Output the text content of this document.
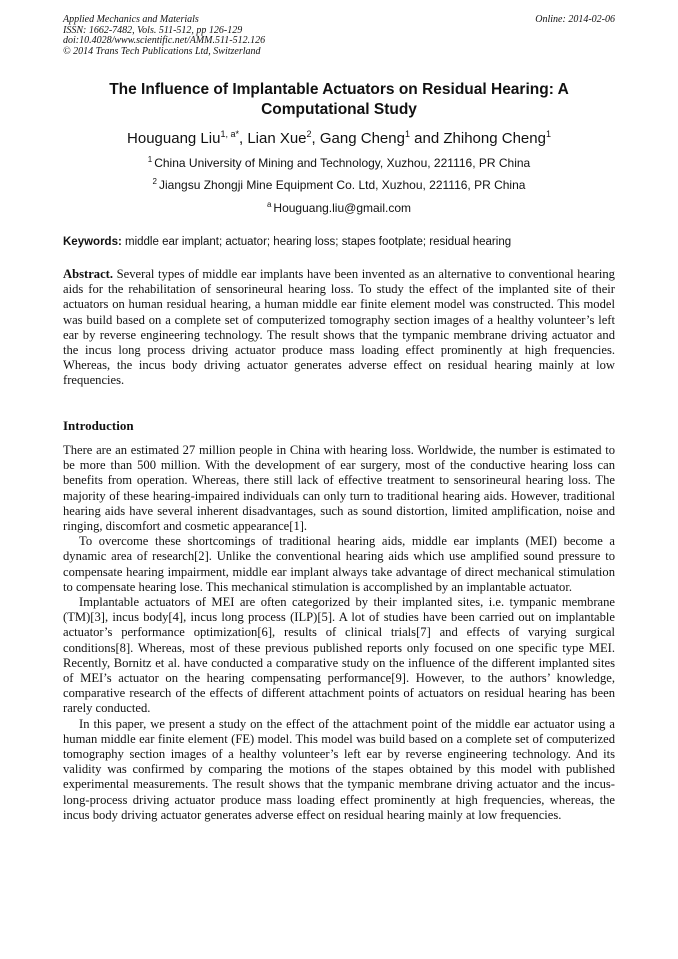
Applied Mechanics and Materials
ISSN: 1662-7482, Vols. 511-512, pp 126-129
doi:10.4028/www.scientific.net/AMM.511-512.126
© 2014 Trans Tech Publications Ltd, Switzerland
Online: 2014-02-06
The Influence of Implantable Actuators on Residual Hearing: A Computational Study
Houguang Liu$^{1, a*}$, Lian Xue$^2$, Gang Cheng$^1$ and Zhihong Cheng$^1$
$^1$ China University of Mining and Technology, Xuzhou, 221116, PR China
$^2$ Jiangsu Zhongji Mine Equipment Co. Ltd, Xuzhou, 221116, PR China
$^a$ Houguang.liu@gmail.com
Keywords: middle ear implant; actuator; hearing loss; stapes footplate; residual hearing
Abstract. Several types of middle ear implants have been invented as an alternative to conventional hearing aids for the rehabilitation of sensorineural hearing loss. To study the effect of the implanted site of their actuators on human residual hearing, a human middle ear finite element model was constructed. This model was build based on a complete set of computerized tomography section images of a healthy volunteer’s left ear by reverse engineering technology. The result shows that the tympanic membrane driving actuator and the incus long process driving actuator produce mass loading effect prominently at high frequencies. Whereas, the incus body driving actuator generates adverse effect on residual hearing mainly at low frequencies.
Introduction

There are an estimated 27 million people in China with hearing loss. Worldwide, the number is estimated to be more than 500 million. With the development of ear surgery, most of the conductive hearing loss can benefits from operation. Whereas, there still lack of effective treatment to sensorineural hearing loss. The majority of these hearing-impaired individuals can only turn to traditional hearing aids. However, traditional hearing aids have several inherent disadvantages, such as sound distortion, limited amplification, noise and ringing, discomfort and cosmetic appearance[1].

To overcome these shortcomings of traditional hearing aids, middle ear implants (MEI) become a dynamic area of research[2]. Unlike the conventional hearing aids which use amplified sound pressure to compensate hearing impairment, middle ear implant always take advantage of direct mechanical stimulation to compensate hearing lose. This mechanical stimulation is accomplished by an implantable actuator.

Implantable actuators of MEI are often categorized by their implanted sites, i.e. tympanic membrane (TM)[3], incus body[4], incus long process (ILP)[5]. A lot of studies have been carried out on implantable actuator’s performance optimization[6], results of clinical trials[7] and effects of varying surgical conditions[8]. Whereas, most of these previous published reports only focused on one specific type MEI. Recently, Bornitz et al. have conducted a comparative study on the influence of the different implanted sites of MEI’s actuator on the hearing compensating performance[9]. However, to the authors’ knowledge, comparative research of the effects of different attachment points of actuators on residual hearing has been rarely conducted.

In this paper, we present a study on the effect of the attachment point of the middle ear actuator using a human middle ear finite element (FE) model. This model was build based on a complete set of computerized tomography section images of a healthy volunteer’s left ear by reverse engineering technology. And its validity was confirmed by comparing the motions of the stapes obtained by this model with published experimental measurements. The result shows that the tympanic membrane driving actuator and the incus-long-process driving actuator produce mass loading effect prominently at high frequencies, whereas, the incus body driving actuator generates adverse effect on residual hearing mainly at low frequencies.
